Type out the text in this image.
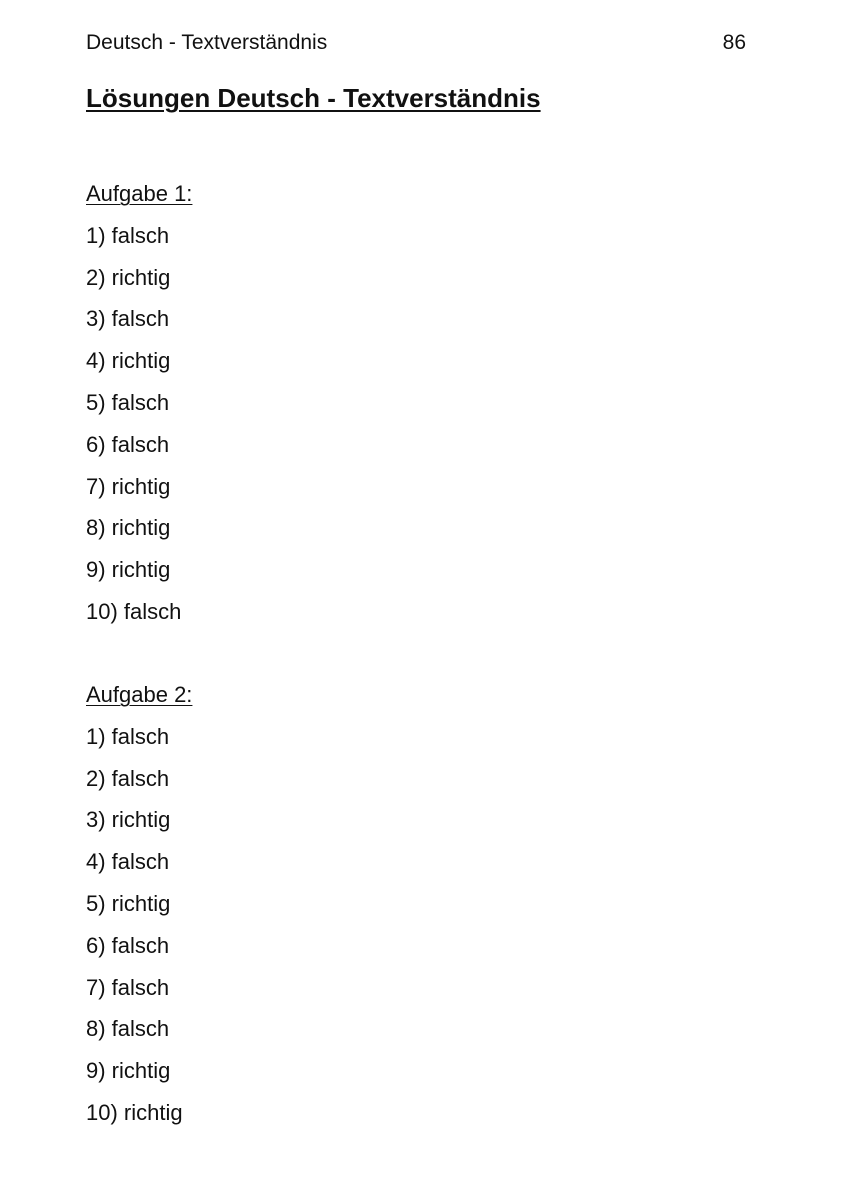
Deutsch - Textverständnis	86
Lösungen Deutsch - Textverständnis
Aufgabe 1:
1) falsch
2) richtig
3) falsch
4) richtig
5) falsch
6) falsch
7) richtig
8) richtig
9) richtig
10) falsch
Aufgabe 2:
1) falsch
2) falsch
3) richtig
4) falsch
5) richtig
6) falsch
7) falsch
8) falsch
9) richtig
10) richtig
